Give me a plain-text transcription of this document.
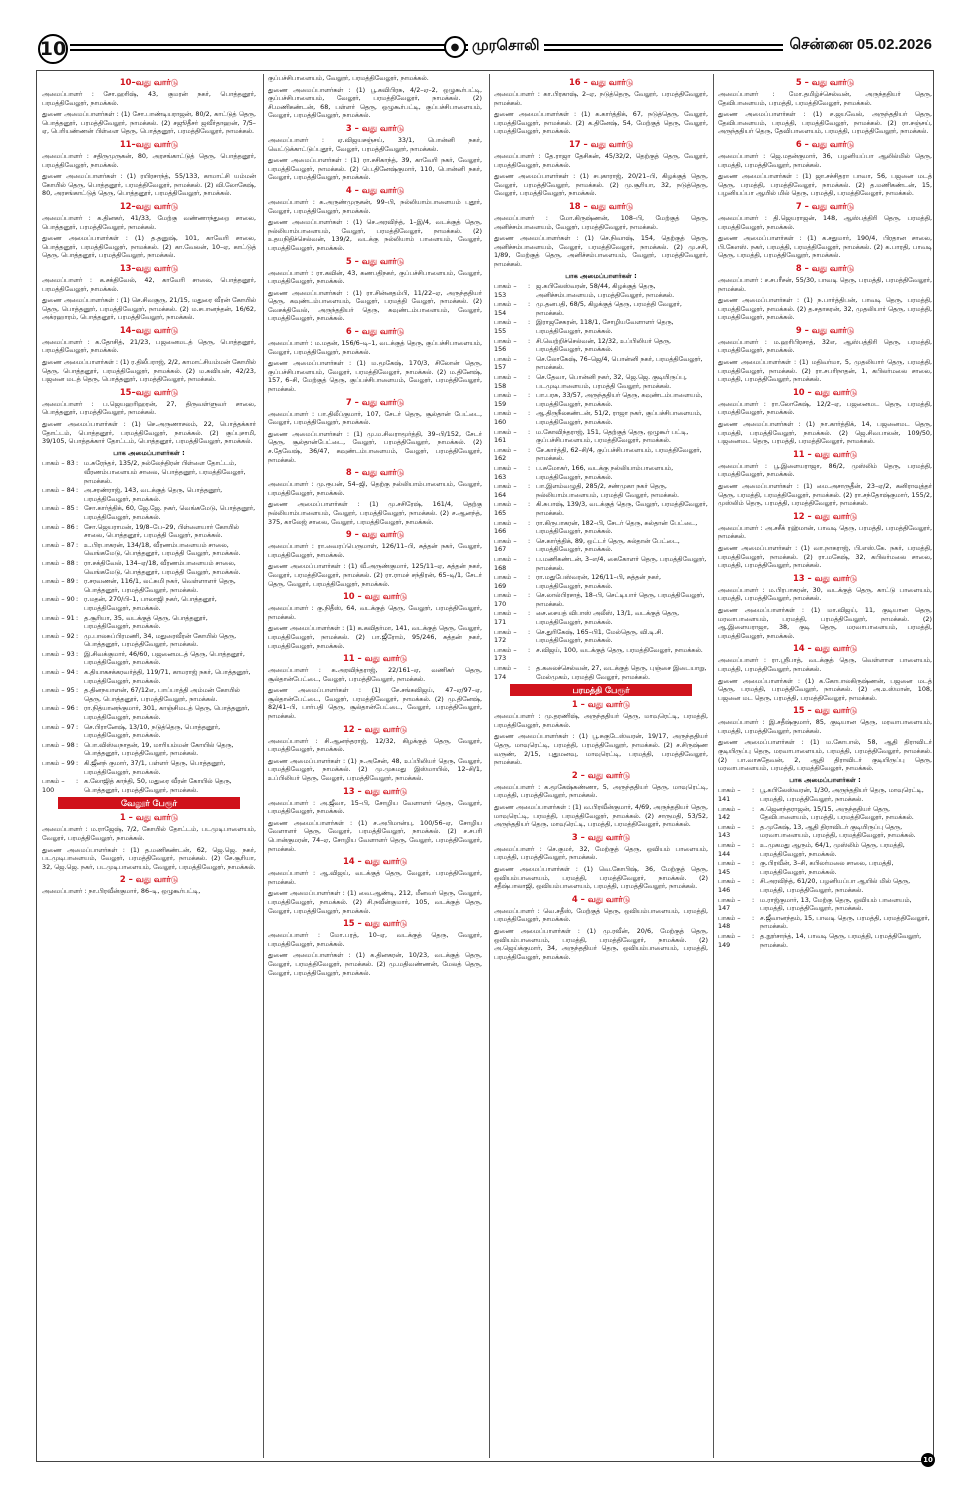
10	● முரசொலி	சென்னை 05.02.2026
10–வது வார்டு
அமைப்பாளர் : சோ.ஹரிஷ், 43, குமரன் நகர், பொத்தனூர், பரமத்திவேலூர், நாமக்கல்.
துணை அமைப்பாளர்கள் : (1) சோ.பாண்டியராஜன், 80/2, காட்டுத் தெரு, பொத்தனூர், பரமத்திவேலூர், நாமக்கல். (2) சஜூதீசர் ஜவீர்தாஹன், 7/5–ஏ, பெரியண்ணன் பிள்ளை தெரு, பொத்தனூர், பரமத்திவேலூர், நாமக்கல்.
11–வது வார்டு
அமைப்பாளர் : சதிருமுருகன், 80, அரசங்காட்டுத் தெரு, பொத்தனூர், பரமத்திவேலூர், நாமக்கல்.
துணை அமைப்பாளர்கள் : (1) ரயிரசாந்த், 55/133, காமாட்சி யம்மன் கோயில் தெரு, பொத்தனூர், பரமத்திவேலூர், நாமக்கல். (2) வி.லோகேஷ், 80, அரசங்காட்டுத் தெரு, பொத்தனூர், பரமத்திவேலூர், நாமக்கல்.
12–வது வார்டு
அமைப்பாளர் : க.தினகர், 41/33, மேற்கு வண்ணாந்துறை சாலை, பொத்தனூர், பரமத்திவேலூர், நாமக்கல்.
துணை அமைப்பாளர்கள் : (1) த.தனுஷ், 101, காவேரி சாலை, பொத்தனூர், பரமத்திவேலூர், நாமக்கல். (2) கா.வேலன், 10–ஏ, காட்டுத் தெரு, பொத்தனூர், பரமத்திவேலூர், நாமக்கல்.
13–வது வார்டு
அமைப்பாளர் : க.சக்திவேல், 42, காவேரி சாலை, பொத்தனூர், பரமத்திவேலூர், நாமக்கல்.
துணை அமைப்பாளர்கள் : (1) செ.சிவகுரு, 21/15, மதுரை வீரன் கோயில் தெரு, பொத்தனூர், பரமத்திவேலூர், நாமக்கல். (2) ம.சபானந்தன், 16/62, அக்ரஹாரம், பொத்தனூர், பரமத்திவேலூர், நாமக்கல்.
14–வது வார்டு
அமைப்பாளர் : க.தோசித், 21/23, பஜனைமடத் தெரு, பொத்தனூர், பரமத்திவேலூர், நாமக்கல்.
துணை அமைப்பாளர்கள் : (1) ர.திலீபராஜ், 2/2, காமாட்சியம்மன் கோயில் தெரு, பொத்தனூர், பரமத்திவேலூர், நாமக்கல். (2) ம.கவியன், 42/23, பஜனை மடத் தெரு, பொத்தனூர், பரமத்திவேலூர், நாமக்கல்.
15–வது வார்டு
அமைப்பாளர் : ப.ஜெயஹரிஹரன், 27, திருவள்ளுவர் சாலை, பொத்தனூர், பரமத்திவேலூர், நாமக்கல்.
துணை அமைப்பாளர்கள் : (1) செ.அருணாசலம், 22, பொத்தக்கார் தோட்டம், பொத்தனூர், பரமத்திவேலூர், நாமக்கல். (2) குப்புசாமி, 39/105, பொத்தக்கார் தோட்டம், பொத்தனூர், பரமத்திவேலூர், நாமக்கல்.
பாக அமைப்பாளர்கள் :
பாகம் – 83 : ம.சுரேந்தர், 135/2, நல்லேந்திரன் பிள்ளை தோட்டம், வீரணம்பாளையம் சாலை, பொத்தனூர், பரமத்திவேலூர், நாமக்கல்.
பாகம் – 84 : அ.சரண்ராஜ், 143, வடக்குத் தெரு, பொத்தனூர், பரமத்திவேலூர், நாமக்கல்.
பாகம் – 85 : சோ.கார்த்திக், 60, ஜே.ஜே. நகர், வெங்கமேடு, பொத்தனூர், பரமத்திவேலூர், நாமக்கல்.
பாகம் – 86 : சோ.ஜெயராமன், 19/8–பே–29, பிள்ளையார் கோயில் சாலை, பொத்தனூர், பரமத்தி வேலூர், நாமக்கல்.
பாகம் – 87 : உ.பிரபாகரன், 134/18, வீரணம்பாளையம் சாலை, வெங்கமேடு, பொத்தனூர், பரமத்தி வேலூர், நாமக்கல்.
பாகம் – 88 : ரா.சக்திவேல், 134–ஏ/18, வீரணம்பாளையம் சாலை, வெங்கமேடு, பொத்தனூர், பரமத்தி வேலூர், நாமக்கல்.
பாகம் – 89 : ர.சரவணன், 116/1, லட்சுமி நகர், வெள்ளாளர் தெரு, பொத்தனூர், பரமத்திவேலூர், நாமக்கல்.
பாகம் – 90 : ர.மதன், 270/பி–1, பாலாஜி நகர், பொத்தனூர், பரமத்திவேலூர், நாமக்கல்.
பாகம் – 91 : த.சூரியா, 35, வடக்குத் தெரு, பொத்தனூர், பரமத்திவேலூர், நாமக்கல்.
பாகம் – 92 : மு.பாலசுப்பிரமணி, 34, மதுரைவீரன் கோயில் தெரு, பொத்தனூர், பரமத்திவேலூர், நாமக்கல்.
பாகம் – 93 : இ.சிவக்குமார், 46/60, பஜனைமடத் தெரு, பொத்தனூர், பரமத்திவேலூர், நாமக்கல்.
பாகம் – 94 : க.தியாகசக்கரவர்த்தி, 119/71, காமராஜ் நகர், பொத்தனூர், பரமத்திவேலூர், நாமக்கல்.
பாகம் – 95 : த.தினநயாளன், 67/12எ, பாப்பாத்தி அம்மன் கோயில் தெரு, பொத்தனூர், பரமத்திவேலூர், நாமக்கல்.
பாகம் – 96 : ரா.நித்யானந்குமார், 301, காஞ்சிமடத் தெரு, பொத்தனூர், பரமத்திவேலூர், நாமக்கல்.
பாகம் – 97 : செ.பிரானேஷ், 13/10, நடுத்தெரு, பொத்தனூர், பரமத்திவேலூர், நாமக்கல்.
பாகம் – 98 : பொ.விஸ்வநாதன், 19, மாரியம்மன் கோயில் தெரு, பொத்தனூர், பரமத்திவேலூர், நாமக்கல்.
பாகம் – 99 : கி.ஜீனந் குமார், 37/1, பள்ளர் தெரு, பொத்தனூர், பரமத்திவேலூர், நாமக்கல்.
பாகம் – 100
: க.லோஜித் காந்தி, 50, மதுரை வீரன் கோயில் தெரு, பொத்தனூர், பரமத்திவேலூர், நாமக்கல்.
வேலூர் பேரூர்
1 – வது வார்டு
அமைப்பாளர் : ம.ராஜேஷ், 7/2, கோயில் தோட்டம், படமுடிபாளையம், வேலூர், பரமத்திவேலூர், நாமக்கல்.
துணை அமைப்பாளர்கள் : (1) த.மணிகண்டன், 62, ஜெ.ஜெ. நகர், படமுடிபாளையம், வேலூர், பரமத்திவேலூர், நாமக்கல். (2) சே.சூரியா, 32, ஜெ.ஜெ. நகர், படமுடிபாளையம், வேலூர், பரமத்திவேலூர், நாமக்கல்.
2 – வது வார்டு
அமைப்பாளர் : நா.பிரவீன்குமார், 86–டி, ஒழுகூர்பட்டி,
குப்பச்சிபாளையம், வேலூர், பரமத்திவேலூர், நாமக்கல்.
துணை அமைப்பாளர்கள் : (1) பூ.கவிபிரசு, 4/2–ஏ–2, ஒழுகூர்பட்டி, குப்பச்சிபாளையம், வேலூர், பரமத்திவேலூர், நாமக்கல். (2) சி.மணிகண்டன், 68, பள்ளர் தெரு, ஒழுகூர்பட்டி, குப்பச்சிபாளையம், வேலூர், பரமத்திவேலூர், நாமக்கல்.
3 – வது வார்டு
அமைப்பாளர் : ஏ.விஜயசஞ்சய், 33/1, பொன்னி நகர், வெட்டுக்காட்டுப்புதூர், வேலூர், பரமத்திவேலூர், நாமக்கல்.
துணை அமைப்பாளர்கள் : (1) ரா.சசிகாந்த், 39, காவேரி நகர், வேலூர், பரமத்திவேலூர், நாமக்கல். (2) பெ.தினேஷ்குமார், 110, பொன்னி நகர், வேலூர், பரமத்திவேலூர், நாமக்கல்.
4 – வது வார்டு
அமைப்பாளர் : க.அருண்முருகன், 99–பி, நல்லியாம்பாளையம் புதூர், வேலூர், பரமத்திவேலூர், நாமக்கல்.
துணை அமைப்பாளர்கள் : (1) செ.அரவிந்த், 1–இ/4, வடக்குத் தெரு, நல்லியாம்பாளையம், வேலூர், பரமத்திவேலூர், நாமக்கல். (2) உதயநிதிச்செல்வன், 139/2, வடக்கு நல்லியாம் பாளையம், வேலூர், பரமத்திவேலூர், நாமக்கல்.
5 – வது வார்டு
அமைப்பாளர் : ரா.கவின், 43, கணபதிநகர், குப்பச்சிபாளையம், வேலூர், பரமத்திவேலூர், நாமக்கல்.
துணை அமைப்பாளர்கள் : (1) ரா.சின்னதம்பி, 11/22–ஏ, அருந்ததியர் தெரு, கவுண்டம்பாளையம், வேலூர், பரமத்தி வேலூர், நாமக்கல். (2) வேசக்திவேல், அருந்ததியர் தெரு, கவுண்டம்பாளையம், வேலூர், பரமத்திவேலூர், நாமக்கல்.
6 – வது வார்டு
அமைப்பாளர் : ம.மதன், 156/6–டி–1, வடக்குத் தெரு, குப்பச்சிபாளையம், வேலூர், பரமத்திவேலூர், நாமக்கல்.
துணை அமைப்பாளர்கள் : (1) ம.மூகேஷ், 170/3, சிலோன் தெரு, குப்பச்சிபாளையம், வேலூர், பரமத்திவேலூர், நாமக்கல். (2) ம.தினேஷ், 157, 6–சி, மேற்குத் தெரு, குப்பச்சிபாளையம், வேலூர், பரமத்திவேலூர், நாமக்கல்.
7 – வது வார்டு
அமைப்பாளர் : பா.திலீப்குமார், 107, சேடர் தெரு, சூல்தான் பேட்டை, வேலூர், பரமத்திவேலூர், நாமக்கல்.
துணை அமைப்பாளர்கள் : (1) மு.ம.சிவராமூர்த்தி, 39–பி/152, சேடர் தெரு, சூல்தான்பேட்டை, வேலூர், பரமத்திவேலூர், நாமக்கல். (2) ச.தேவேஷ், 36/47, கவுண்டம்பாளையம், வேலூர், பரமத்திவேலூர், நாமக்கல்.
8 – வது வார்டு
அமைப்பாளர் : மு.ரூபன், 54–ஜி, தெற்கு நல்லியாம்பாளையம், வேலூர், பரமத்திவேலூர், நாமக்கல்.
துணை அமைப்பாளர்கள் : (1) மு.சசிரேஷ், 161/4, தெற்கு நல்லியாம்பாளையம், வேலூர், பரமத்திவேலூர், நாமக்கல். (2) ச.ஆனந்த், 375, காலேஜ் சாலை, வேலூர், பரமத்திவேலூர், நாமக்கல்.
9 – வது வார்டு
அமைப்பாளர் : ரா.வைரப்பெருமாள், 126/11–பி, சுத்தன் நகர், வேலூர், பரமத்திவேலூர், நாமக்கல்.
துணை அமைப்பாளர்கள் : (1) வீ.அருண்குமார், 125/11–ஏ, சுத்தன் நகர், வேலூர், பரமத்திவேலூர், நாமக்கல். (2) ரா.ராமச் சந்திரன், 65–டி/1, சேடர் தெரு, வேலூர், பரமத்திவேலூர், நாமக்கல்.
10 – வது வார்டு
அமைப்பாளர் : கு.நிதீஸ், 64, வடக்குத் தெரு, வேலூர், பரமத்திவேலூர், நாமக்கல்.
துணை அமைப்பாளர்கள் : (1) க.கவிதர்மா, 141, வடக்குத் தெரு, வேலூர், பரமத்திவேலூர், நாமக்கல். (2) பா.ஜீரோம், 95/246, சுத்தன் நகர், பரமத்திவேலூர், நாமக்கல்.
11 – வது வார்டு
அமைப்பாளர் : க.அரவிந்தராஜ், 22/161–ஏ, வணிகர் தெரு, சூல்தான்பேட்டை, வேலூர், பரமத்திவேலூர், நாமக்கல்.
துணை அமைப்பாளர்கள் : (1) சே.சங்கவிஜய், 47–ஏ/97–ஏ, சூல்தான்பேட்டை, வேலூர், பரமத்திவேலூர், நாமக்கல். (2) மு.தினேஷ், 82/41–பி, பார்பதி தெரு, சூல்தான்பேட்டை, வேலூர், பரமத்திவேலூர், நாமக்கல்.
12 – வது வார்டு
அமைப்பாளர் : சி.ஆனந்தராஜ், 12/32, கிழக்குத் தெரு, வேலூர், பரமத்திவேலூர், நாமக்கல்.
துணை அமைப்பாளர்கள் : (1) ந.அசேன், 48, உப்பிலியர் தெரு, வேலூர், பரமத்திவேலூர், நாமக்கல். (2) மு.முகமது இஸ்மாயில், 12–சி/1, உப்பிலியர் தெரு, வேலூர், பரமத்திவேலூர், நாமக்கல்.
13 – வது வார்டு
அமைப்பாளர் : அ.ஜீவா, 15–பி, சோழிய வேளாளர் தெரு, வேலூர், பரமத்திவேலூர், நாமக்கல்.
துணை அமைப்பாளர்கள் : (1) ச.அபிமான்யு, 100/56–ஏ, சோழிய வேளாளர் தெரு, வேலூர், பரமத்திவேலூர், நாமக்கல். (2) ச.சபரி பொன்குமரன், 74–ஏ, சோழிய வேளாளர் தெரு, வேலூர், பரமத்திவேலூர், நாமக்கல்.
14 – வது வார்டு
அமைப்பாளர் : ஆ.விஜய், வடக்குத் தெரு, வேலூர், பரமத்திவேலூர், நாமக்கல்.
துணை அமைப்பாளர்கள் : (1) வை.ஆண்டி, 212, மீனவர் தெரு, வேலூர், பரமத்திவேலூர், நாமக்கல். (2) சி.நவீன்குமார், 105, வடக்குத் தெரு, வேலூர், பரமத்திவேலூர், நாமக்கல்.
15 – வது வார்டு
அமைப்பாளர் : மோ.பரத், 10–ஏ, வடக்குத் தெரு, வேலூர், பரமத்திவேலூர், நாமக்கல்.
துணை அமைப்பாளர்கள் : (1) க.தினகரன், 10/23, வடக்குத் தெரு, வேலூர், பரமத்திவேலூர், நாமக்கல். (2) மு.மதிவண்ணன், மேலத் தெரு, வேலூர், பரமத்திவேலூர், நாமக்கல்.
16 – வது வார்டு
அமைப்பாளர் : கா.பிரகாஷ், 2–ஏ, நடுத்தெரு, வேலூர், பரமத்திவேலூர், நாமக்கல்.
துணை அமைப்பாளர்கள் : (1) க.கார்த்திக், 67, நடுத்தெரு, வேலூர், பரமத்திவேலூர், நாமக்கல். (2) க.தினேஷ், 54, மேற்குத் தெரு, வேலூர், பரமத்திவேலூர், நாமக்கல்.
17 – வது வார்டு
அமைப்பாளர் : தே.ராஜா தேசிகன், 45/32/2, தெற்குத் தெரு, வேலூர், பரமத்திவேலூர், நாமக்கல்.
துணை அமைப்பாளர்கள் : (1) சபுகாராஜ், 20/21–பி, கிழக்குத் தெரு, வேலூர், பரமத்திவேலூர், நாமக்கல். (2) மு.சூரியா, 32, நடுத்தெரு, வேலூர், பரமத்திவேலூர், நாமக்கல்.
18 – வது வார்டு
அமைப்பாளர் : மோ.கிருஷ்ணன், 108–பி, மேற்குத் தெரு, அனிச்சம்பாளையம், வேலூர், பரமத்திவேலூர், நாமக்கல்.
துணை அமைப்பாளர்கள் : (1) செ.நிவாஷ், 154, தெற்குத் தெரு, அனிச்சம்பாளையம், வேலூர், பரமத்திவேலூர், நாமக்கல். (2) மு.சசி, 1/89, மேற்குத் தெரு, அனிச்சம்பாளையம், வேலூர், பரமத்திவேலூர், நாமக்கல்.
பாக அமைப்பாளர்கள் :
பாகம் – 153
: ஜ.கபிலேஸ்வரன், 58/44, கிழக்குத் தெரு, அனிச்சம்பாளையம், பரமத்திவேலூர், நாமக்கல்.
பாகம் – 154
: மு.தனபதி, 68/5, கிழக்குத் தெரு, பரமத்தி வேலூர், நாமக்கல்.
பாகம் – 155
: இராஜசேகரன், 118/1, சோழியவேளாளர் தெரு, பரமத்திவேலூர், நாமக்கல்.
பாகம் – 156
: சி.வெற்றிச்செல்வன், 12/32, உப்பிலியர் தெரு, பரமத்திவேலூர், நாமக்கல்.
பாகம் – 157
: செ.லோகேஷ், 76–ஜெ/4, பொன்னி நகர், பரமத்திவேலூர், நாமக்கல்.
பாகம் – 158
: செ.தேவா, பொன்னி நகர், 32, ஜெ.ஜெ. குடியிருப்பு, படமுடிபாளையம், பரமத்தி வேலூர், நாமக்கல்.
பாகம் – 159
: பா.பரசு, 33/57, அருந்ததியர் தெரு, கவுண்டம்பாளையம், பரமத்திவேலூர், நாமக்கல்.
பாகம் – 160
: ஆ.திருநீலகண்டன், 51/2, ராஜா நகர், குப்பச்சிபாளையம், பரமத்திவேலூர், நாமக்கல்.
பாகம் – 161
: ம.கோவிந்தராஜ், 151, தெற்குத் தெரு, ஒழுகூர் பட்டி, குப்பச்சிபாளையம், பரமத்திவேலூர், நாமக்கல்.
பாகம் – 162
: சே.கார்த்தி, 62–சி/4, குப்பச்சிபாளையம், பரமத்திவேலூர், நாமக்கல்.
பாகம் – 163
: ப.சுமோகர், 166, வடக்கு நல்லியாம்பாளையம், பரமத்திவேலூர், நாமக்கல்.
பாகம் – 164
: பா.இளம்வழுதி, 285/2, சண்முகா நகர் தெரு, நல்லியாம்பாளையம், பரமத்தி வேலூர், நாமக்கல்.
பாகம் – 165
: கி.சுபாஷ், 139/3, வடக்குத் தெரு, வேலூர், பரமத்திவேலூர், நாமக்கல்.
பாகம் – 166
: ரா.கிருபாகரன், 182–பி, சேடர் தெரு, சுல்தான் பேட்டை, பரமத்திவேலூர், நாமக்கல்.
பாகம் – 167
: செ.கார்த்திக், 89, ஒட்டர் தெரு, சுல்தான் பேட்டை, பரமத்திவேலூர், நாமக்கல்.
பாகம் – 168
: ப.மணிகண்டன், 3–எ/4, கைகோளர் தெரு, பரமத்திவேலூர், நாமக்கல்.
பாகம் – 169
: ரா.மதுபேஸ்வரன், 126/11–பி, சுத்தன் நகர், பரமத்திவேலூர், நாமக்கல்.
பாகம் – 170
: செ.லால்பிரசாத், 18–பி, செட்டியார் தெரு, பரமத்திவேலூர், நாமக்கல்.
பாகம் – 171
: சை.சையத் விபாஸ் அலீஸ், 13/1, வடக்குத் தெரு, பரமத்திவேலூர், நாமக்கல்.
பாகம் – 172
: செ.துரிகேஷ், 165–பி1, மேல்தெரு, வி.டி.சி. பரமத்திவேலூர், நாமக்கல்.
பாகம் – 173
: ச.விஜய், 100, வடக்குத் தெரு, பரமத்திவேலூர், நாமக்கல்.
பாகம் – 174
: த.கலைச்செல்வன், 27, வடக்குத் தெரு, புஞ்சை இடையாறு, மேல்முகம், பரமத்தி வேலூர், நாமக்கல்.
பரமத்தி பேரூர்
1 – வது வார்டு
அமைப்பாளர் : மு.தரணிஷ், அருந்ததியர் தெரு, மாவுரெட்டி, பரமத்தி, பரமத்திவேலூர், நாமக்கல்.
துணை அமைப்பாளர்கள் : (1) பூ.சுகுடேஸ்வரன், 19/17, அருந்ததியர் தெரு, மாவுரெட்டி, பரமத்தி, பரமத்திவேலூர், நாமக்கல். (2) ச.சிருஷ்ண வருண், 2/15, புதுமனவு, மாவுரெட்டி, பரமத்தி, பரமத்திவேலூர், நாமக்கல்.
2 – வது வார்டு
அமைப்பாளர் : க.மூகேஷ்கண்ணா, 5, அருந்ததியர் தெரு, மாவுரெட்டி, பரமத்தி, பரமத்திவேலூர், நாமக்கல்.
துணை அமைப்பாளர்கள் : (1) வ.பிரவீன்குமார், 4/69, அருந்ததியர் தெரு, மாவுரெட்டி, பரமத்தி, பரமத்திவேலூர், நாமக்கல். (2) சாருமதி, 53/52, அருந்ததியர் தெரு, மாவுரெட்டி, பரமத்தி, பரமத்திவேலூர், நாமக்கல்.
3 – வது வார்டு
அமைப்பாளர் : செ.குமர், 32, மேற்குத் தெரு, ஒவியம் பாளையம், பரமத்தி, பரமத்திவேலூர், நாமக்கல்.
துணை அமைப்பாளர்கள் : (1) வெ.கோபிஷ், 36, மேற்குத் தெரு, ஒவியம்பாளையம், பரமத்தி, பரமத்திவேலூர், நாமக்கல். (2) சதீஷ்பாலாஜி, ஒவியம்பாளையம், பரமத்தி, பரமத்திவேலூர், நாமக்கல்.
4 – வது வார்டு
அமைப்பாளர் : வெ.சதீஸ், மேற்குத் தெரு, ஒவியம்பாளையம், பரமத்தி, பரமத்திவேலூர், நாமக்கல்.
துணை அமைப்பாளர்கள் : (1) மு.ரவீன், 20/6, மேற்குத் தெரு, ஒவியம்பாளையம், பரமத்தி, பரமத்திவேலூர், நாமக்கல். (2) அ.ஜெய்க்குமார், 34, அருந்ததியர் தெரு, ஒவியம்பாளையம், பரமத்தி, பரமத்திவேலூர், நாமக்கல்.
5 – வது வார்டு
அமைப்பாளர் : மோ.தமிழ்ச்செல்வன், அருந்ததியர் தெரு, தேவிபாளையம், பரமத்தி, பரமத்திவேலூர், நாமக்கல்.
துணை அமைப்பாளர்கள் : (1) ச.ஜயவேல், அருந்ததியர் தெரு, தேவிபாளையம், பரமத்தி, பரமத்திவேலூர், நாமக்கல். (2) ரா.சஞ்சய், அருந்ததியர் தெரு, தேவிபாளையம், பரமத்தி, பரமத்திவேலூர், நாமக்கல்.
6 – வது வார்டு
அமைப்பாளர் : ஜெ.மதன்குமார், 36, பழனியப்பா ஆலில்மில் தெரு, பரமத்தி, பரமத்திவேலூர், நாமக்கல்.
துணை அமைப்பாளர்கள் : (1) ஜா.சச்சிதரா பாவா, 56, பஜனை மடத் தெரு, பரமத்தி, பரமத்திவேலூர், நாமக்கல். (2) த.மணிகண்டன், 15, பழனியப்பா ஆயில் மில் தெரு, பரமத்தி, பரமத்திவேலூர், நாமக்கல்.
7 – வது வார்டு
அமைப்பாளர் : தி.ஜெயராஜன், 148, ஆஸ்பத்திரி தெரு, பரமத்தி, பரமத்திவேலூர், நாமக்கல்.
துணை அமைப்பாளர்கள் : (1) க.சதுமார், 190/4, பிரதான சாலை, பி.கேஎஸ். நகர், பரமத்தி, பரமத்திவேலூர், நாமக்கல். (2) க.பாரதி, பாவடி தெரு, பரமத்தி, பரமத்திவேலூர், நாமக்கல்.
8 – வது வார்டு
அமைப்பாளர் : ச.சபரீசன், 55/30, பாவடி தெரு, பரமத்தி, பரமத்திவேலூர், நாமக்கல்.
துணை அமைப்பாளர்கள் : (1) ந.பார்த்திபன், பாவடி தெரு, பரமத்தி, பரமத்திவேலூர், நாமக்கல். (2) த.சதாகரன், 32, முதலியார் தெரு, பரமத்தி, பரமத்திவேலூர், நாமக்கல்.
9 – வது வார்டு
அமைப்பாளர் : ம.ஹரிபிரசாத், 32எ, ஆஸ்பத்திரி தெரு, பரமத்தி, பரமத்திவேலூர், நாமக்கல்.
துணை அமைப்பாளர்கள் : (1) மதிவர்மா, 5, முதலியார் தெரு, பரமத்தி, பரமத்திவேலூர், நாமக்கல். (2) ரா.சபரிநாதன், 1, கபிலர்மலை சாலை, பரமத்தி, பரமத்திவேலூர், நாமக்கல்.
10 – வது வார்டு
அமைப்பாளர் : ரா.லோகேஷ், 12/2–ஏ, பஜனைமட தெரு, பரமத்தி, பரமத்திவேலூர், நாமக்கல்.
துணை அமைப்பாளர்கள் : (1) நா.கார்த்திக், 14, பஜனைமட தெரு, பரமத்தி, பரமத்திவேலூர், நாமக்கல். (2) ஜெ.சிவபாலன், 109/50, பஜனைமட தெரு, பரமத்தி, பரமத்திவேலூர், நாமக்கல்.
11 – வது வார்டு
அமைப்பாளர் : பூ.இளையராஜா, 86/2, முஸ்லிம் தெரு, பரமத்தி, பரமத்திவேலூர், நாமக்கல்.
துணை அமைப்பாளர்கள் : (1) மை.அசாருதீன், 23–ஏ/2, கனிராவுத்தர் தெரு, பரமத்தி, பரமத்திவேலூர், நாமக்கல். (2) ரா.சந்தோஷ்குமார், 155/2, முஸ்லிம் தெரு, பரமத்தி, பரமத்திவேலூர், நாமக்கல்.
12 – வது வார்டு
அமைப்பாளர் : அ.சசீக் ரஹ்மான், பாவடி தெரு, பரமத்தி, பரமத்திவேலூர், நாமக்கல்.
துணை அமைப்பாளர்கள் : (1) வா.நாகராஜ், பி.எஸ்.கே. நகர், பரமத்தி, பரமத்திவேலூர், நாமக்கல். (2) ரா.மகேஷ், 32, கபிலர்மலை சாலை, பரமத்தி, பரமத்திவேலூர், நாமக்கல்.
13 – வது வார்டு
அமைப்பாளர் : ம.பிரபாகரன், 30, வடக்குத் தெரு, காட்டு பாளையம், பரமத்தி, பரமத்திவேலூர், நாமக்கல்.
துணை அமைப்பாளர்கள் : (1) மா.விஜய், 11, குடியான தெரு, மரவாபாளையம், பரமத்தி, பரமத்திவேலூர், நாமக்கல். (2) ஆ.இளையராஜா, 38, குடி தெரு, மரவாபாளையம், பரமத்தி, பரமத்திவேலூர், நாமக்கல்.
14 – வது வார்டு
அமைப்பாளர் : ரா.ஸ்ரீபாத், வடக்குத் தெரு, வெள்ளாள பாளையம், பரமத்தி, பரமத்திவேலூர், நாமக்கல்.
துணை அமைப்பாளர்கள் : (1) க.கோபாலகிருஷ்ணன், பஜனை மடத் தெரு, பரமத்தி, பரமத்திவேலூர், நாமக்கல். (2) அ.உஸ்மான், 108, பஜனை மட தெரு, பரமத்தி, பரமத்திவேலூர், நாமக்கல்.
15 – வது வார்டு
அமைப்பாளர் : இ.சதீஷ்குமார், 85, குடியான தெரு, மரவாபாளையம், பரமத்தி, பரமத்திவேலூர், நாமக்கல்.
துணை அமைப்பாளர்கள் : (1) ம.கோபால், 58, ஆதி திராவிடர் குடியிருப்பு தெரு, மரவாபாளையம், பரமத்தி, பரமத்திவேலூர், நாமக்கல். (2) பா.வாசுதேவன், 2, ஆதி திராவிடர் குடியிருப்பு தெரு, மரவாபாளையம், பரமத்தி, பரமத்திவேலூர், நாமக்கல்.
பாக அமைப்பாளர்கள் :
பாகம் – 141
: பூ.கபிலேஸ்வரன், 1/30, அருந்ததியர் தெரு, மாவுரெட்டி, பரமத்தி, பரமத்திவேலூர், நாமக்கல்.
பாகம் – 142
: க.ஜெனந்தராஜன், 15/15, அருந்ததியர் தெரு, தேவிபாளையம், பரமத்தி, பரமத்திவேலூர், நாமக்கல்.
பாகம் – 143
: த.முகேஷ், 13, ஆதி திராவிடர் குடியிருப்பு தெரு, மரவாபாளையம், பரமத்தி, பரமத்திவேலூர், நாமக்கல்.
பாகம் – 144
: உ.முகமது ஆரும், 64/1, முஸ்லிம் தெரு, பரமத்தி, பரமத்திவேலூர், நாமக்கல்.
பாகம் – 145
: கு.பிரவீன், 3–சி, கபிலர்மலை சாலை, பரமத்தி, பரமத்திவேலூர், நாமக்கல்.
பாகம் – 146
: சி.அரவிந்த், 61/20, பழனியப்பா ஆயில் மில் தெரு, பரமத்தி, பரமத்திவேலூர், நாமக்கல்.
பாகம் – 147
: ம.ராஜ்குமார், 13, மேற்கு தெரு, ஒவியம் பாளையம், பரமத்தி, பரமத்திவேலூர், நாமக்கல்.
பாகம் – 148
: ச.ஜீவானந்தம், 15, பாவடி தெரு, பரமத்தி, பரமத்திவேலூர், நாமக்கல்.
பாகம் – 149
: த.நூர்சாந்த், 14, பாவடி தெரு, பரமத்தி, பரமத்திவேலூர், நாமக்கல்.
10
